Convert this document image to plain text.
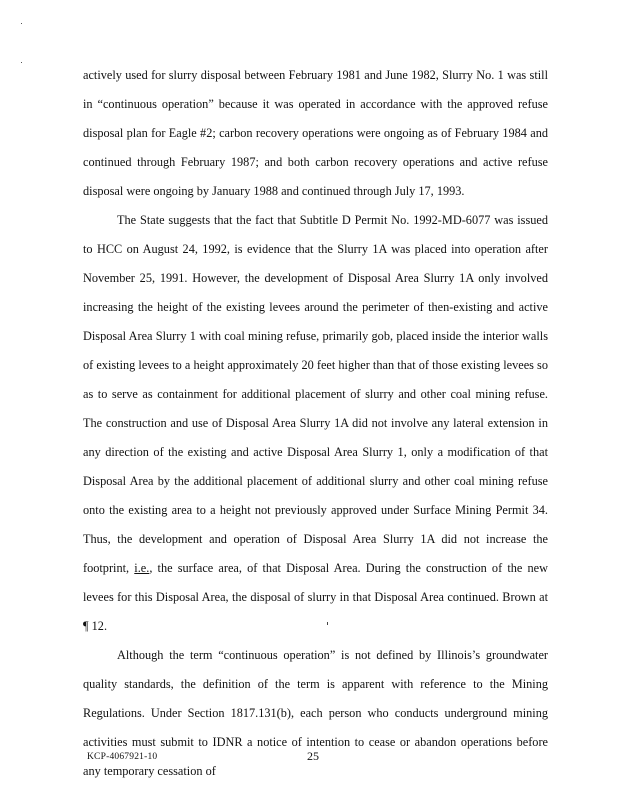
actively used for slurry disposal between February 1981 and June 1982, Slurry No. 1 was still in “continuous operation” because it was operated in accordance with the approved refuse disposal plan for Eagle #2; carbon recovery operations were ongoing as of February 1984 and continued through February 1987; and both carbon recovery operations and active refuse disposal were ongoing by January 1988 and continued through July 17, 1993.

The State suggests that the fact that Subtitle D Permit No. 1992-MD-6077 was issued to HCC on August 24, 1992, is evidence that the Slurry 1A was placed into operation after November 25, 1991. However, the development of Disposal Area Slurry 1A only involved increasing the height of the existing levees around the perimeter of then-existing and active Disposal Area Slurry 1 with coal mining refuse, primarily gob, placed inside the interior walls of existing levees to a height approximately 20 feet higher than that of those existing levees so as to serve as containment for additional placement of slurry and other coal mining refuse. The construction and use of Disposal Area Slurry 1A did not involve any lateral extension in any direction of the existing and active Disposal Area Slurry 1, only a modification of that Disposal Area by the additional placement of additional slurry and other coal mining refuse onto the existing area to a height not previously approved under Surface Mining Permit 34. Thus, the development and operation of Disposal Area Slurry 1A did not increase the footprint, i.e., the surface area, of that Disposal Area. During the construction of the new levees for this Disposal Area, the disposal of slurry in that Disposal Area continued. Brown at ¶ 12.

Although the term “continuous operation” is not defined by Illinois’s groundwater quality standards, the definition of the term is apparent with reference to the Mining Regulations. Under Section 1817.131(b), each person who conducts underground mining activities must submit to IDNR a notice of intention to cease or abandon operations before any temporary cessation of

KCP-4067921-10	25
